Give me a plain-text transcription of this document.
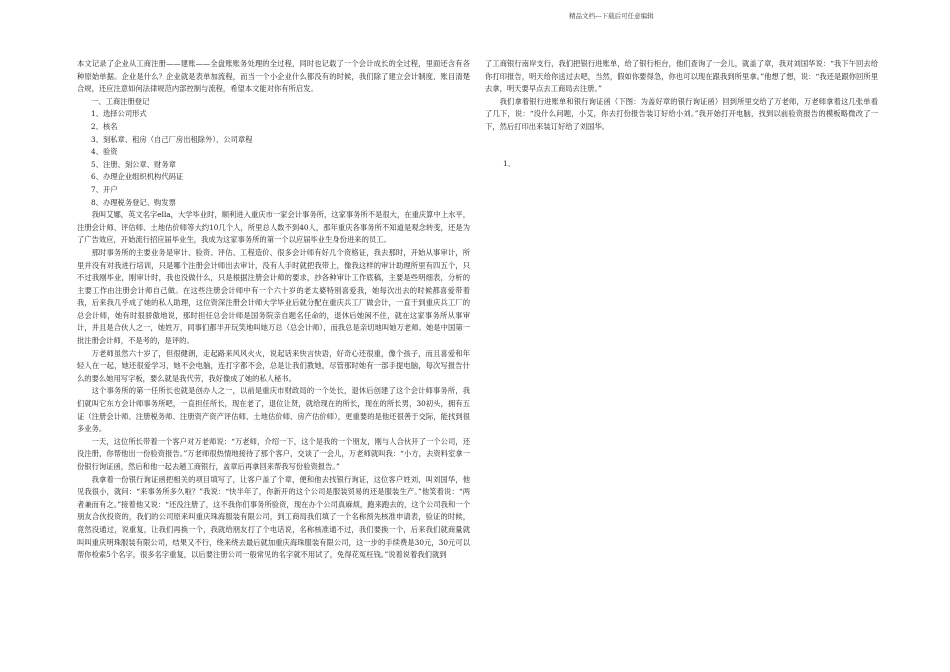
精品文档---下载后可任意编辑

本文记录了企业从工商注册——建账——全盘账账务处理的全过程，同时也记载了一个会计成长的全过程，里面还含有各种原始单据。企业是什么？企业就是表单加流程，而当一个小企业什么都没有的时候，我们除了建立会计制度、账目清楚合规，还应注意如何法律规范内部控制与流程，希望本文能对你有所启发。

一、工商注册登记
1、选择公司形式
2、核名
3、刻私章、租房（自己厂房出租除外）、公司章程
4、验资
5、注册、刻公章、财务章
6、办理企业组织机构代码证
7、开户
8、办理税务登记、购发票

我叫艾娜，英文名字ella，大学毕业时，顺利进入重庆市一家会计事务所，这家事务所不是很大，在重庆算中上水平，注册会计师、评估师、土地估价师等大约10几个人，所里总人数不到40人，那年重庆各事务所不知道是观念转变，还是为了广告效应，开始流行招应届毕业生，我成为这家事务所的第一个以应届毕业生身份进来的员工。

那时事务所的主要业务是审计、验资、评估、工程造价、很多会计师有好几个资格证，我去那时，开始从事审计，所里并没有对我进行培训，只是哪个注册会计师出去审计，没有人手时就把我带上，像我这样的审计助理所里有四五个，只不过我刚毕业，刚审计时，我也没做什么，只是根据注册会计师的要求，抄各种审计工作底稿，主要是些明细表，分析的主要工作由注册会计师自己做。在这些注册会计师中有一个六十岁的老太婆特别喜爱我，她每次出去的时候都喜爱带着我，后来我几乎成了她的私人助理，这位资深注册会计师大学毕业后就分配在重庆兵工厂做会计，一直干到重庆兵工厂的总会计师，她有时很骄傲地说，那时担任总会计师是国务院亲自题名任命的，退休后她闲不住，就在这家事务所从事审计，并且是合伙人之一，她姓万，同事们都半开玩笑地叫她万总（总会计师），而我总是亲切地叫她万老师。她是中国第一批注册会计师，不是考的，是评的。

万老师虽然六十岁了，但很健朗，走起路来风风火火，说起话来快言快语，好奇心还很重，像个孩子，而且喜爱和年轻人在一起，她还很爱学习，她不会电脑，连打字都不会，总是让我们教她，尽管那时她有一部手提电脑，每次写报告什么的要么她用写字板，要么就是我代劳，我好像成了她的私人秘书。

这个事务所的第一任所长也就是创办人之一，以前是重庆市财政局的一个处长，退休后创建了这个会计师事务所，我们就叫它东方会计师事务所吧，一直担任所长，现在老了，退位让贤，就给现在的所长，现在的所长男，30初头，拥有五证（注册会计师、注册税务师、注册资产资产评估师、土地估价师、房产估价师），更重要的是他还很善于交际，能找到很多业务。

一天，这位所长带着一个客户对万老师说：“万老师，介绍一下，这个是我的一个朋友，刚与人合伙开了一个公司，还没注册，你帮他出一份验资报告。”万老师很热情地接待了那个客户，交谈了一会儿，万老师就叫我：“小方，去资料室拿一份银行询证函，然后和他一起去趟工商银行，盖章后再拿回来帮我写份验资报告。”

我拿着一份银行询证函把相关的项目填写了，让客户盖了个章，便和他去找银行询证，这位客户姓刘，叫刘国华，他见我很小，就问：“来事务所多久啦？”我说：“快半年了，你新开的这个公司是服装贸易的还是服装生产。”他笑着说：“两者兼而有之。”接着他又说：“还没注册了，这不我你们事务所验资，现在办个公司真麻烦，跑来跑去的，这个公司我和一个朋友合伙投资的，我们的公司原来叫重庆珠海服装有限公司，到工商局我们填了一个名称预先核准申请表，验证的时候，竟然没通过，说重复，让我们再换一个，我就给朋友打了个电话说，名称核准通不过，我们要换一个，后来我们就商量就叫叫重庆明珠服装有限公司，结果又不行，绕来绕去最后就加重庆海珠服装有限公司，这一步的手续费是30元，30元可以帮你检索5个名字，很多名字重复，以后要注册公司一般常见的名字就不用试了，免得花冤枉钱。”说着说着我们就到

了工商银行南岸支行，我们把银行进账单，给了银行柜台，他们查询了一会儿，就盖了章，我对刘国华说：“我下午回去给你打印报告，明天给你送过去吧，当然，假如你要得急，你也可以现在跟我到所里拿。”他想了想，说：“我还是跟你回所里去拿，明天要早点去工商局去注册。”

我们拿着银行进账单和银行询证函（下图：为盖好章的银行询证函）回到所里交给了万老师，万老师拿着这几张单看了几下，说：“没什么问题，小艾，你去打份报告装订好给小刘。”我开始打开电脑，找到以前验资报告的模板略微改了一下，然后打印出来装订好给了刘国华。

1、
